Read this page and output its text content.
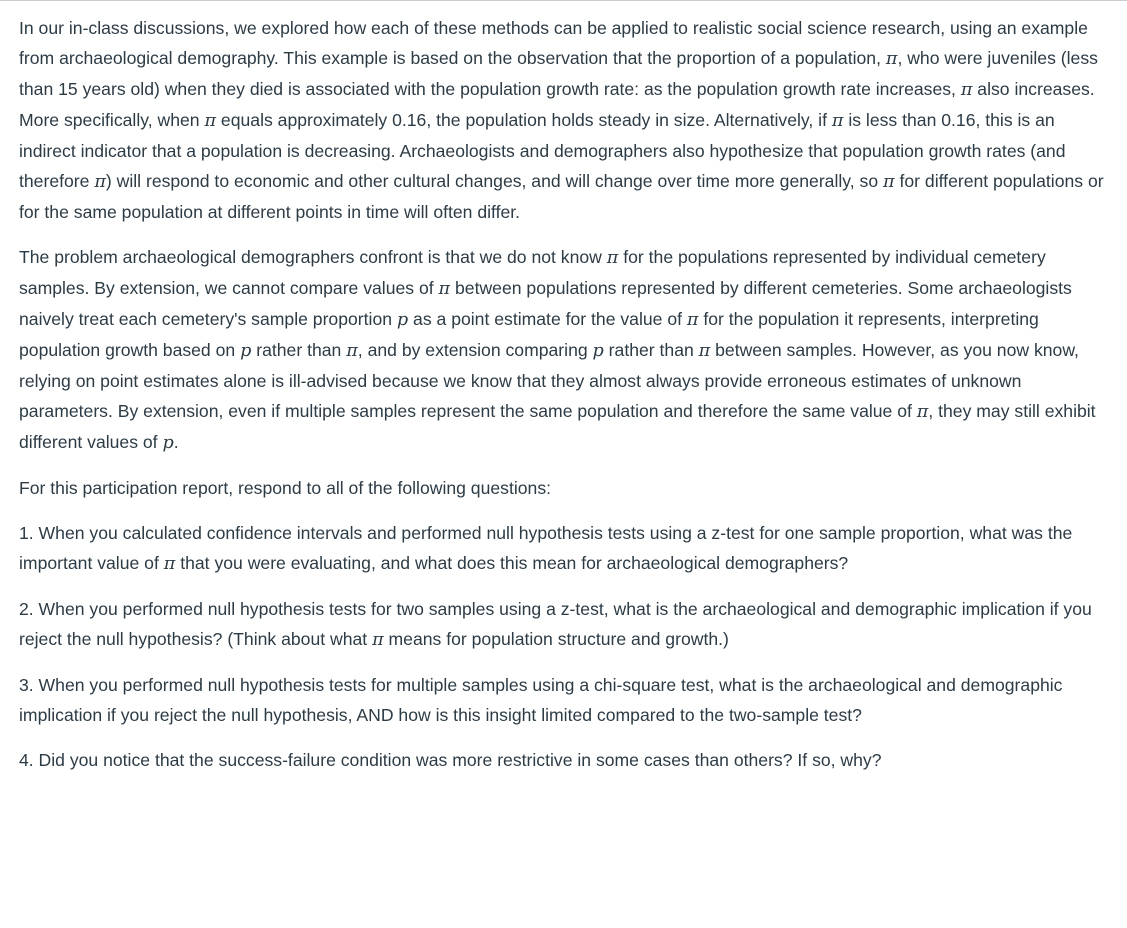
In our in-class discussions, we explored how each of these methods can be applied to realistic social science research, using an example from archaeological demography. This example is based on the observation that the proportion of a population, π, who were juveniles (less than 15 years old) when they died is associated with the population growth rate: as the population growth rate increases, π also increases. More specifically, when π equals approximately 0.16, the population holds steady in size. Alternatively, if π is less than 0.16, this is an indirect indicator that a population is decreasing. Archaeologists and demographers also hypothesize that population growth rates (and therefore π) will respond to economic and other cultural changes, and will change over time more generally, so π for different populations or for the same population at different points in time will often differ.

The problem archaeological demographers confront is that we do not know π for the populations represented by individual cemetery samples. By extension, we cannot compare values of π between populations represented by different cemeteries. Some archaeologists naively treat each cemetery's sample proportion p as a point estimate for the value of π for the population it represents, interpreting population growth based on p rather than π, and by extension comparing p rather than π between samples. However, as you now know, relying on point estimates alone is ill-advised because we know that they almost always provide erroneous estimates of unknown parameters. By extension, even if multiple samples represent the same population and therefore the same value of π, they may still exhibit different values of p.

For this participation report, respond to all of the following questions:

1. When you calculated confidence intervals and performed null hypothesis tests using a z-test for one sample proportion, what was the important value of π that you were evaluating, and what does this mean for archaeological demographers?

2. When you performed null hypothesis tests for two samples using a z-test, what is the archaeological and demographic implication if you reject the null hypothesis? (Think about what π means for population structure and growth.)

3. When you performed null hypothesis tests for multiple samples using a chi-square test, what is the archaeological and demographic implication if you reject the null hypothesis, AND how is this insight limited compared to the two-sample test?

4. Did you notice that the success-failure condition was more restrictive in some cases than others? If so, why?
